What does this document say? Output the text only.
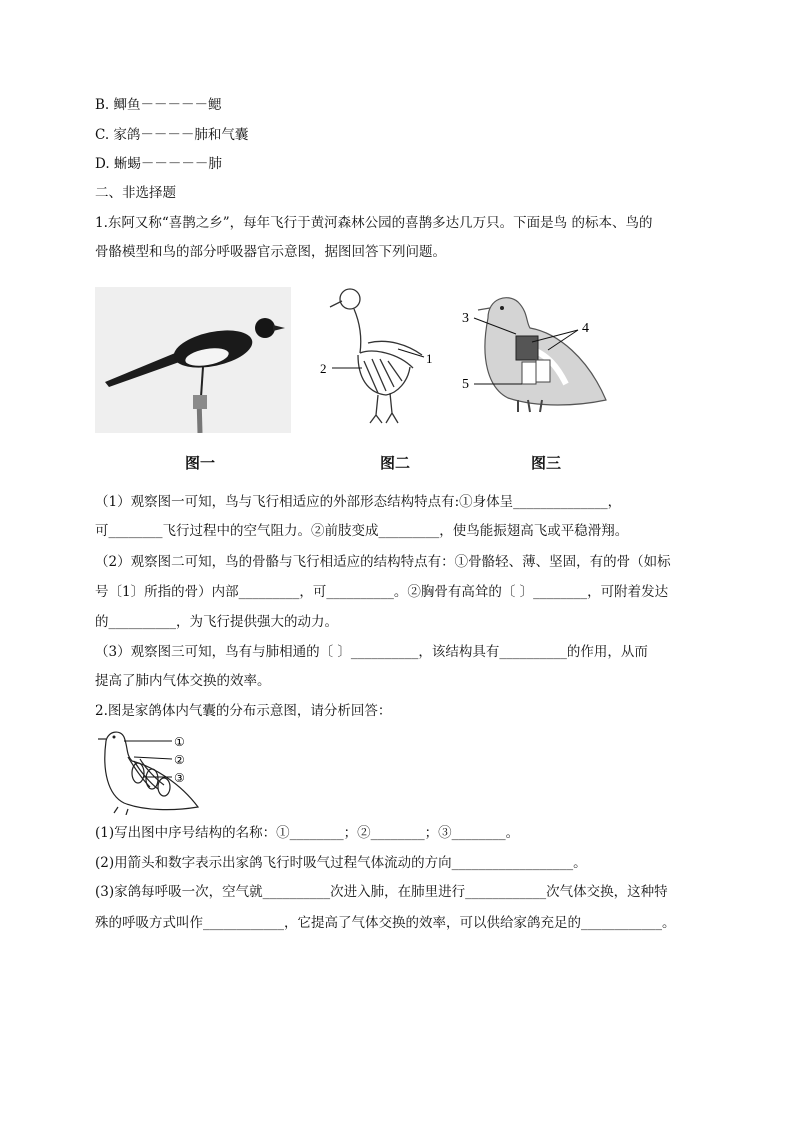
B. 鲫鱼－－－－－鳃
C. 家鸽－－－－肺和气囊
D. 蜥蜴－－－－－肺
二、非选择题
1.东阿又称“喜鹊之乡”，每年飞行于黄河森林公园的喜鹊多达几万只。下面是鸟 的标本、鸟的
骨骼模型和鸟的部分呼吸器官示意图，据图回答下列问题。
1
2
3
4
5
图一	图二	图三
（1）观察图一可知，鸟与飞行相适应的外部形态结构特点有:①身体呈______________，
可________飞行过程中的空气阻力。②前肢变成_________，使鸟能振翅高飞或平稳滑翔。
（2）观察图二可知，鸟的骨骼与飞行相适应的结构特点有：①骨骼轻、薄、坚固，有的骨（如标
号〔1〕所指的骨）内部_________，可__________。②胸骨有高耸的〔 〕________，可附着发达
的__________，为飞行提供强大的动力。
（3）观察图三可知，鸟有与肺相通的〔 〕__________，该结构具有__________的作用，从而
提高了肺内气体交换的效率。
2.图是家鸽体内气囊的分布示意图，请分析回答：
①
②
③
(1)写出图中序号结构的名称：①________；②________；③________。
(2)用箭头和数字表示出家鸽飞行时吸气过程气体流动的方向__________________。
(3)家鸽每呼吸一次，空气就__________次进入肺，在肺里进行____________次气体交换，这种特
殊的呼吸方式叫作____________，它提高了气体交换的效率，可以供给家鸽充足的____________。
